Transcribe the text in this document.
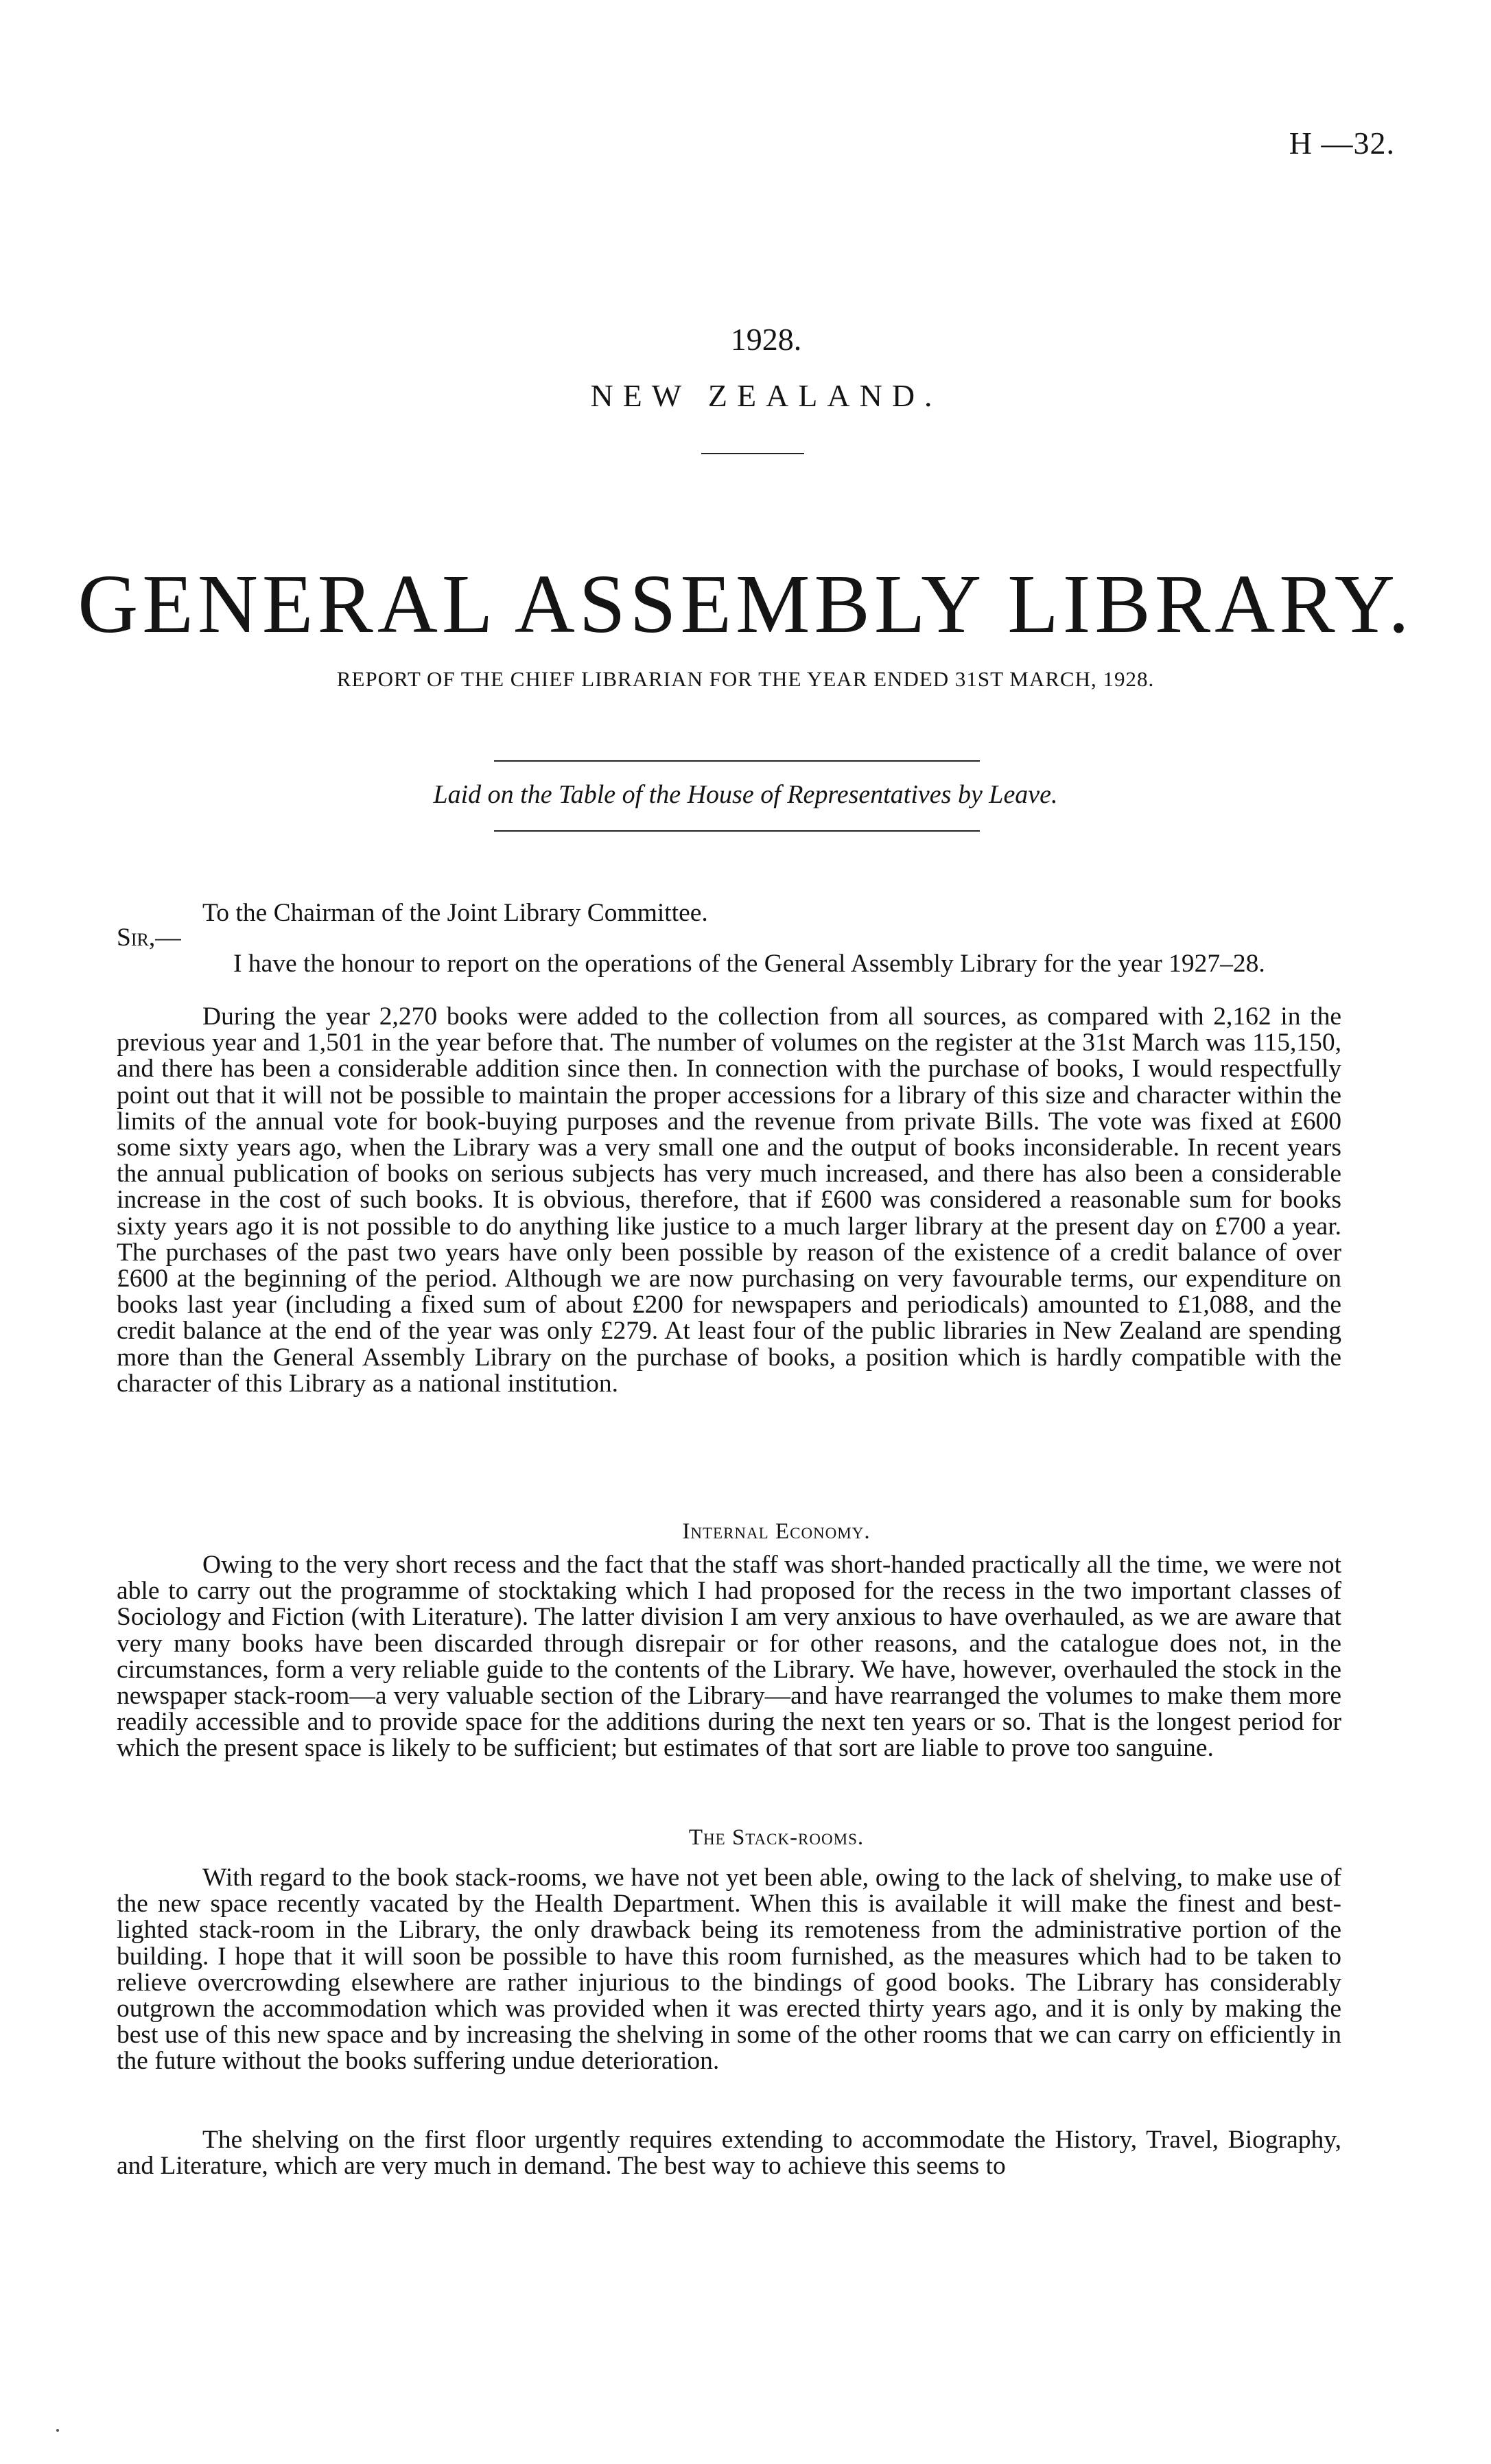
H —32.
1928.
NEW ZEALAND.
GENERAL ASSEMBLY LIBRARY.
REPORT OF THE CHIEF LIBRARIAN FOR THE YEAR ENDED 31ST MARCH, 1928.
Laid on the Table of the House of Representatives by Leave.
To the Chairman of the Joint Library Committee.
Sir,—

I have the honour to report on the operations of the General Assembly Library for the year 1927–28.

During the year 2,270 books were added to the collection from all sources, as compared with 2,162 in the previous year and 1,501 in the year before that. The number of volumes on the register at the 31st March was 115,150, and there has been a considerable addition since then. In connection with the purchase of books, I would respectfully point out that it will not be possible to maintain the proper accessions for a library of this size and character within the limits of the annual vote for book-buying purposes and the revenue from private Bills. The vote was fixed at £600 some sixty years ago, when the Library was a very small one and the output of books inconsiderable. In recent years the annual publication of books on serious subjects has very much increased, and there has also been a considerable increase in the cost of such books. It is obvious, therefore, that if £600 was considered a reasonable sum for books sixty years ago it is not possible to do anything like justice to a much larger library at the present day on £700 a year. The purchases of the past two years have only been possible by reason of the existence of a credit balance of over £600 at the beginning of the period. Although we are now purchasing on very favourable terms, our expenditure on books last year (including a fixed sum of about £200 for newspapers and periodicals) amounted to £1,088, and the credit balance at the end of the year was only £279. At least four of the public libraries in New Zealand are spending more than the General Assembly Library on the purchase of books, a position which is hardly compatible with the character of this Library as a national institution.

Internal Economy.

Owing to the very short recess and the fact that the staff was short-handed practically all the time, we were not able to carry out the programme of stocktaking which I had proposed for the recess in the two important classes of Sociology and Fiction (with Literature). The latter division I am very anxious to have overhauled, as we are aware that very many books have been discarded through disrepair or for other reasons, and the catalogue does not, in the circumstances, form a very reliable guide to the contents of the Library. We have, however, overhauled the stock in the newspaper stack-room—a very valuable section of the Library—and have rearranged the volumes to make them more readily accessible and to provide space for the additions during the next ten years or so. That is the longest period for which the present space is likely to be sufficient; but estimates of that sort are liable to prove too sanguine.

The Stack-rooms.

With regard to the book stack-rooms, we have not yet been able, owing to the lack of shelving, to make use of the new space recently vacated by the Health Department. When this is available it will make the finest and best-lighted stack-room in the Library, the only drawback being its remoteness from the administrative portion of the building. I hope that it will soon be possible to have this room furnished, as the measures which had to be taken to relieve overcrowding elsewhere are rather injurious to the bindings of good books. The Library has considerably outgrown the accommodation which was provided when it was erected thirty years ago, and it is only by making the best use of this new space and by increasing the shelving in some of the other rooms that we can carry on efficiently in the future without the books suffering undue deterioration.

The shelving on the first floor urgently requires extending to accommodate the History, Travel, Biography, and Literature, which are very much in demand. The best way to achieve this seems to
